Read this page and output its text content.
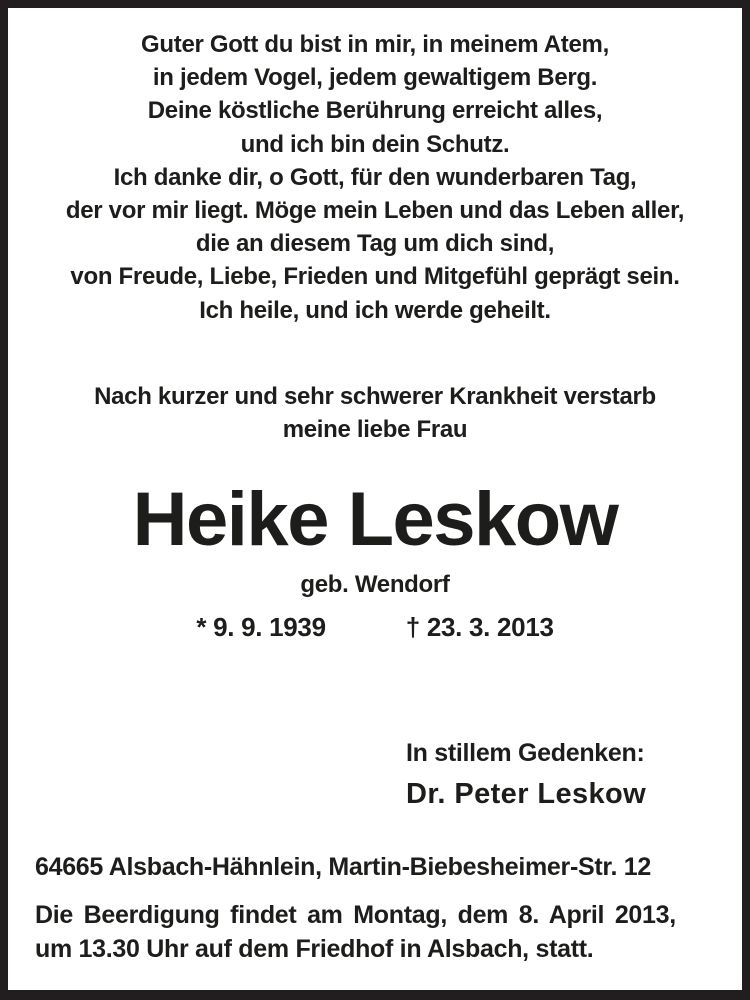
Guter Gott du bist in mir, in meinem Atem,
in jedem Vogel, jedem gewaltigem Berg.
Deine köstliche Berührung erreicht alles,
und ich bin dein Schutz.
Ich danke dir, o Gott, für den wunderbaren Tag,
der vor mir liegt. Möge mein Leben und das Leben aller,
die an diesem Tag um dich sind,
von Freude, Liebe, Frieden und Mitgefühl geprägt sein.
Ich heile, und ich werde geheilt.
Nach kurzer und sehr schwerer Krankheit verstarb
meine liebe Frau
Heike Leskow
geb. Wendorf
* 9. 9. 1939	† 23. 3. 2013
In stillem Gedenken:
Dr. Peter Leskow
64665 Alsbach-Hähnlein, Martin-Biebesheimer-Str. 12
Die Beerdigung findet am Montag, dem 8. April 2013,
um 13.30 Uhr auf dem Friedhof in Alsbach, statt.
